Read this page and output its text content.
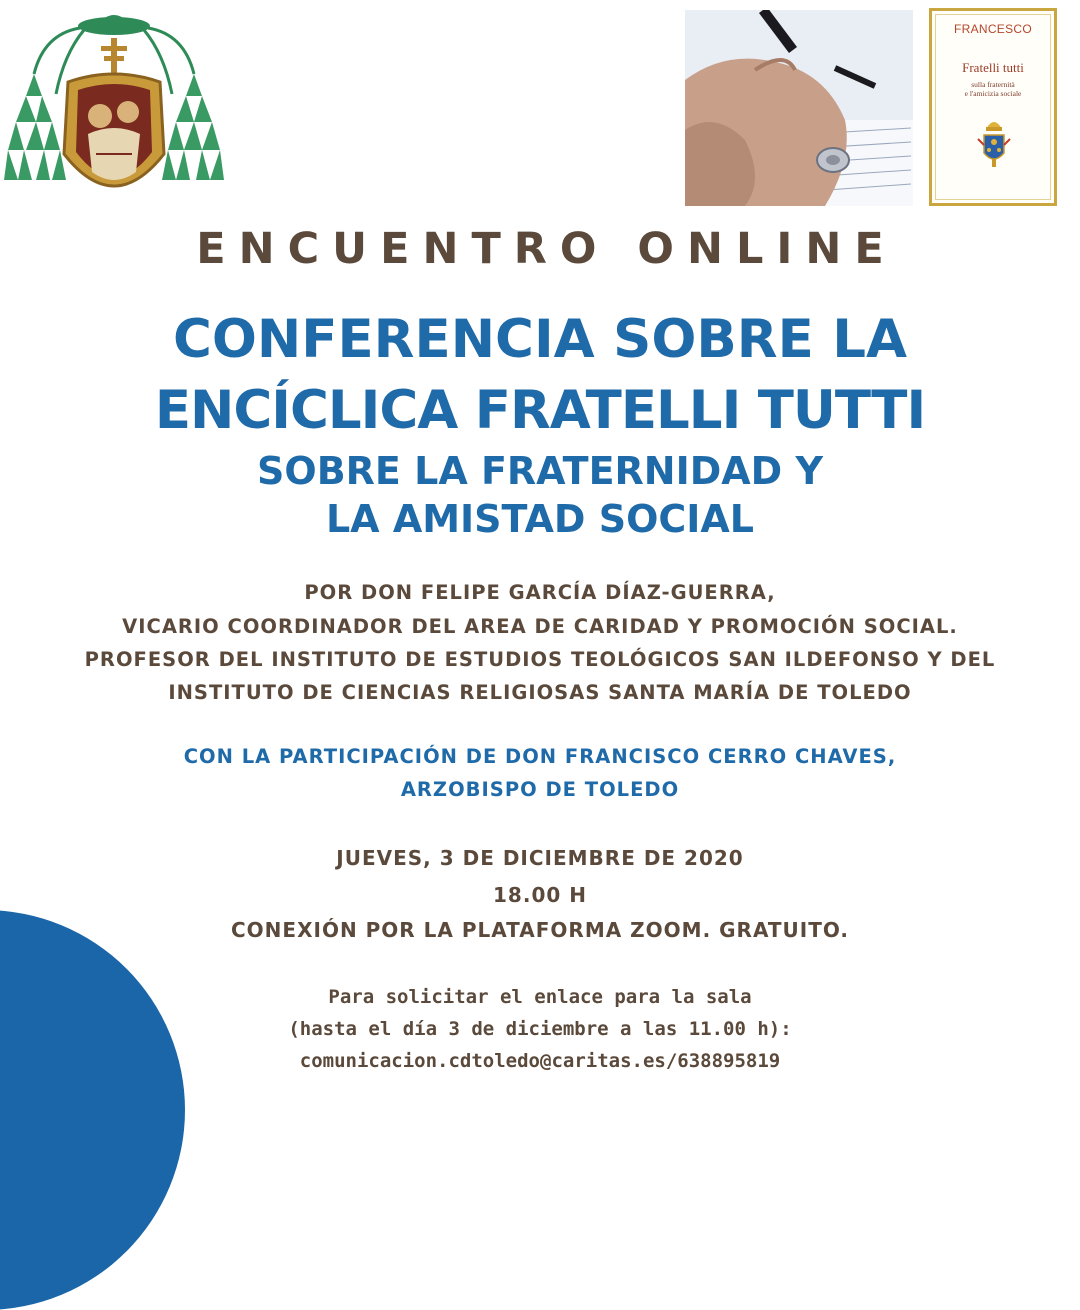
FRANCESCO
Fratelli tutti
sulla fraternità
e l'amicizia sociale

ENCUENTRO ONLINE

CONFERENCIA SOBRE LA

ENCÍCLICA FRATELLI TUTTI

SOBRE LA FRATERNIDAD Y

LA AMISTAD SOCIAL

POR DON FELIPE GARCÍA DÍAZ-GUERRA,

VICARIO COORDINADOR DEL AREA DE CARIDAD Y PROMOCIÓN SOCIAL.

PROFESOR DEL INSTITUTO DE ESTUDIOS TEOLÓGICOS SAN ILDEFONSO Y DEL

INSTITUTO DE CIENCIAS RELIGIOSAS SANTA MARÍA DE TOLEDO

CON LA PARTICIPACIÓN DE DON FRANCISCO CERRO CHAVES,

ARZOBISPO DE TOLEDO

JUEVES, 3 DE DICIEMBRE DE 2020

18.00 H

CONEXIÓN POR LA PLATAFORMA ZOOM. GRATUITO.

Para solicitar el enlace para la sala

(hasta el día 3 de diciembre a las 11.00 h):

comunicacion.cdtoledo@caritas.es/638895819
